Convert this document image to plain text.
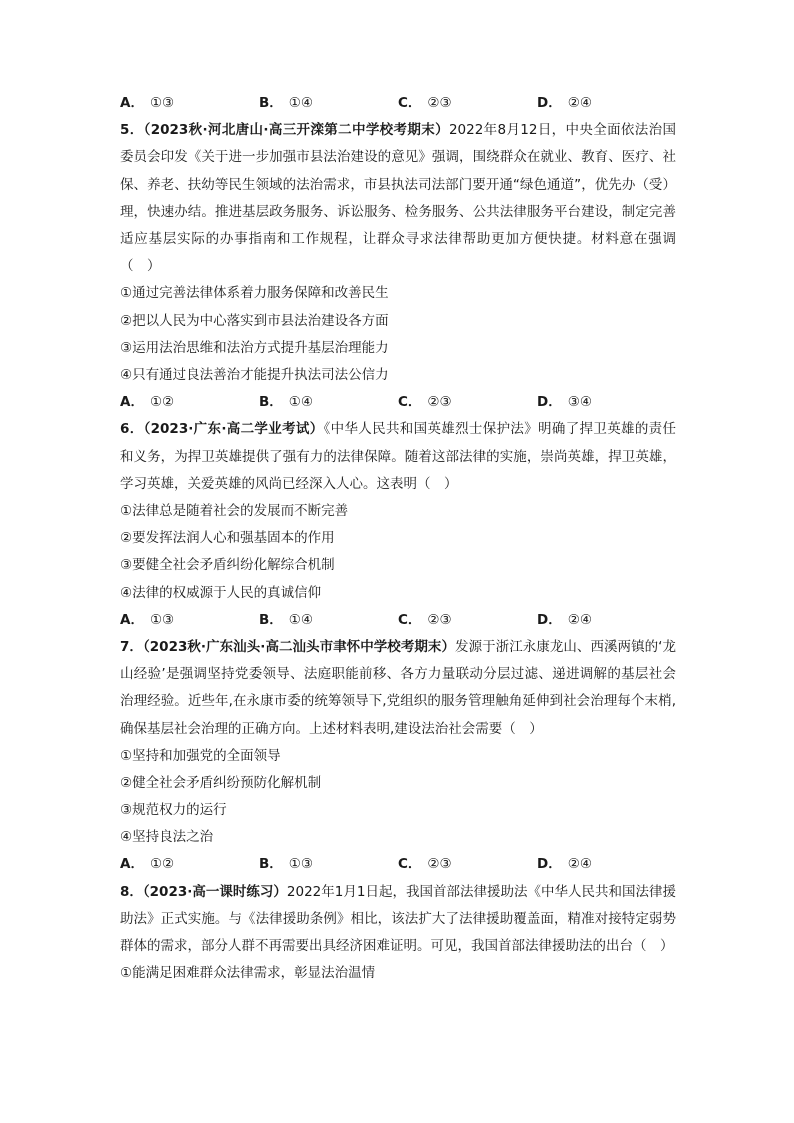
A． ①③	B． ①④	C． ②③	D． ②④
5．（2023秋·河北唐山·高三开滦第二中学校考期末）2022年8月12日，中央全面依法治国委员会印发《关于进一步加强市县法治建设的意见》强调，围绕群众在就业、教育、医疗、社保、养老、扶幼等民生领域的法治需求，市县执法司法部门要开通“绿色通道”，优先办（受）理，快速办结。推进基层政务服务、诉讼服务、检务服务、公共法律服务平台建设，制定完善适应基层实际的办事指南和工作规程，让群众寻求法律帮助更加方便快捷。材料意在强调（　）
①通过完善法律体系着力服务保障和改善民生
②把以人民为中心落实到市县法治建设各方面
③运用法治思维和法治方式提升基层治理能力
④只有通过良法善治才能提升执法司法公信力
A． ①②	B． ①④	C． ②③	D． ③④
6．（2023·广东·高二学业考试）《中华人民共和国英雄烈士保护法》明确了捍卫英雄的责任和义务，为捍卫英雄提供了强有力的法律保障。随着这部法律的实施，崇尚英雄，捍卫英雄，学习英雄，关爱英雄的风尚已经深入人心。这表明（　）
①法律总是随着社会的发展而不断完善
②要发挥法润人心和强基固本的作用
③要健全社会矛盾纠纷化解综合机制
④法律的权威源于人民的真诚信仰
A． ①③	B． ①④	C． ②③	D． ②④
7．（2023秋·广东汕头·高二汕头市聿怀中学校考期末）发源于浙江永康龙山、西溪两镇的‘龙山经验’是强调坚持党委领导、法庭职能前移、各方力量联动分层过滤、递进调解的基层社会治理经验。近些年,在永康市委的统筹领导下,党组织的服务管理触角延伸到社会治理每个末梢,确保基层社会治理的正确方向。上述材料表明,建设法治社会需要（　）
①坚持和加强党的全面领导
②健全社会矛盾纠纷预防化解机制
③规范权力的运行
④坚持良法之治
A． ①②	B． ①③	C． ②③	D． ②④
8．（2023·高一课时练习）2022年1月1日起，我国首部法律援助法《中华人民共和国法律援助法》正式实施。与《法律援助条例》相比，该法扩大了法律援助覆盖面，精准对接特定弱势群体的需求，部分人群不再需要出具经济困难证明。可见，我国首部法律援助法的出台（　）
①能满足困难群众法律需求，彰显法治温情
